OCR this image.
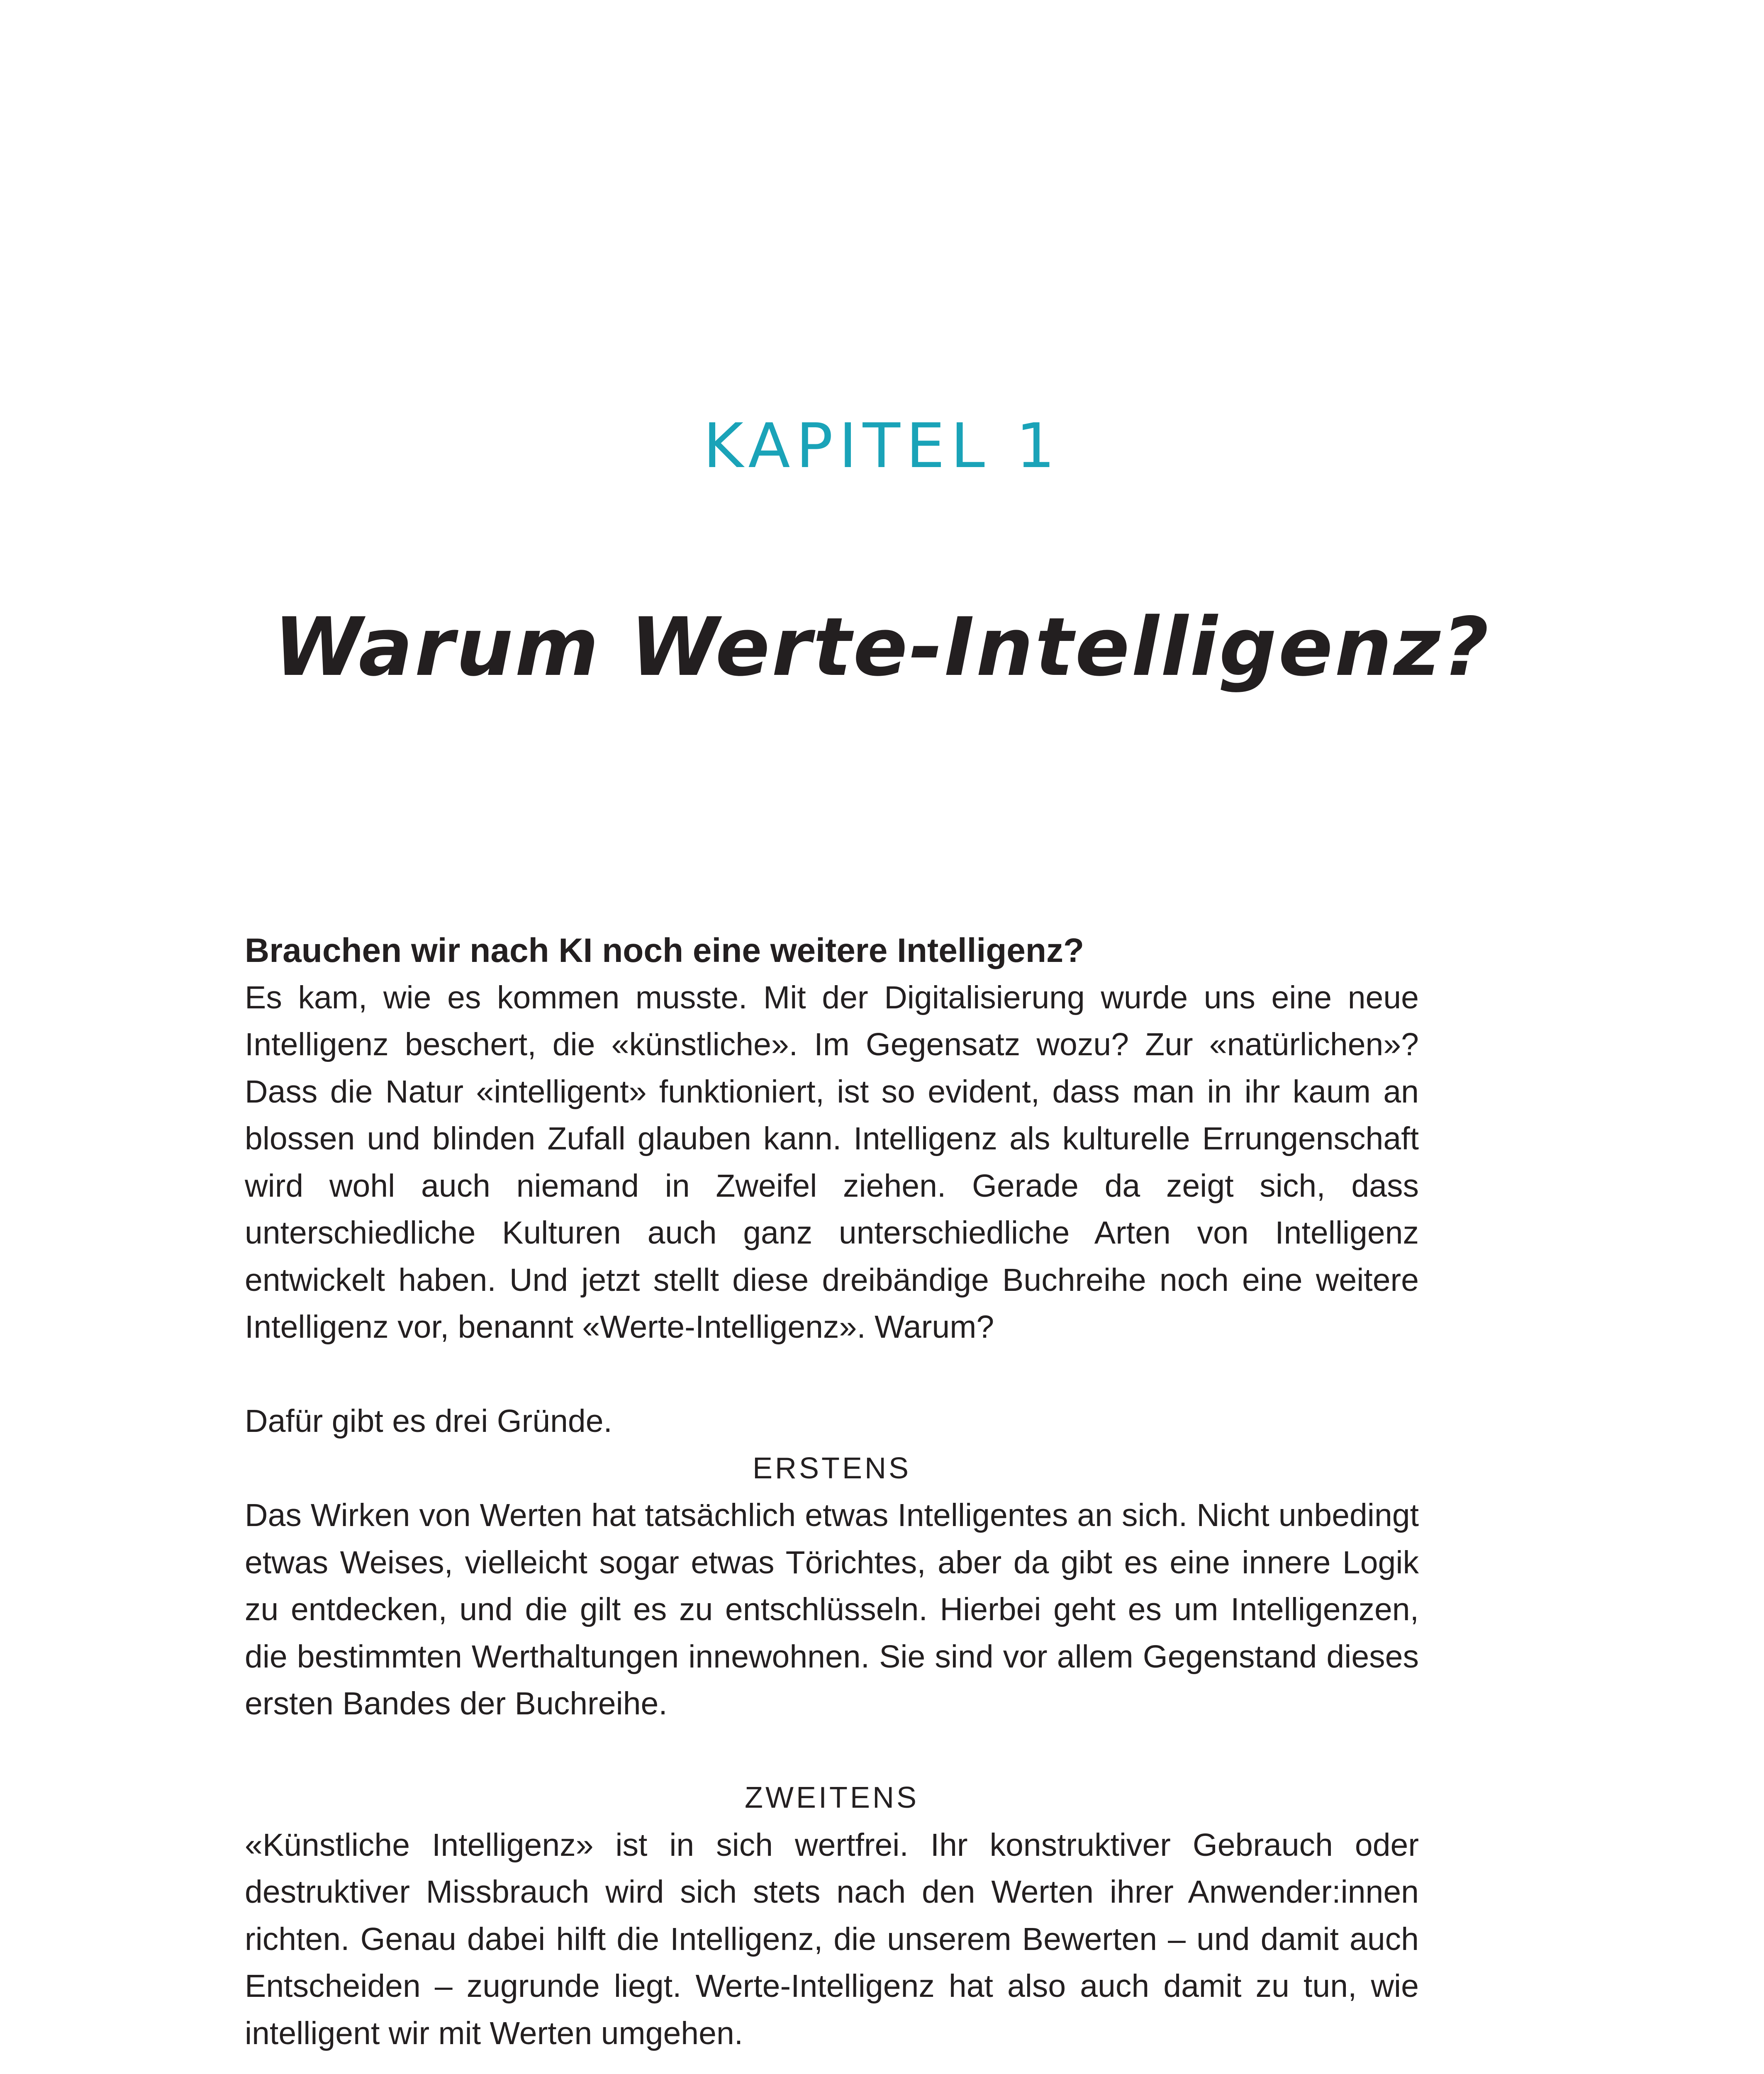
KAPITEL 1
Warum Werte-Intelligenz?
Brauchen wir nach KI noch eine weitere Intelligenz?

Es kam, wie es kommen musste. Mit der Digitalisierung wurde uns eine neue Intelligenz beschert, die «künstliche». Im Gegensatz wozu? Zur «natürlichen»? Dass die Natur «intelligent» funktioniert, ist so evident, dass man in ihr kaum an blossen und blinden Zufall glauben kann. Intelligenz als kulturelle Errungenschaft wird wohl auch niemand in Zweifel ziehen. Gerade da zeigt sich, dass unterschiedliche Kulturen auch ganz unterschiedliche Arten von Intelligenz entwickelt haben. Und jetzt stellt diese dreibändige Buchreihe noch eine weitere Intelligenz vor, benannt «Werte-Intelligenz». Warum?

Dafür gibt es drei Gründe.

ERSTENS

Das Wirken von Werten hat tatsächlich etwas Intelligentes an sich. Nicht unbedingt etwas Weises, vielleicht sogar etwas Törichtes, aber da gibt es eine innere Logik zu entdecken, und die gilt es zu entschlüsseln. Hierbei geht es um Intelligenzen, die bestimmten Werthaltungen innewohnen. Sie sind vor allem Gegenstand dieses ersten Bandes der Buchreihe.

ZWEITENS

«Künstliche Intelligenz» ist in sich wertfrei. Ihr konstruktiver Gebrauch oder destruktiver Missbrauch wird sich stets nach den Werten ihrer Anwender:innen richten. Genau dabei hilft die Intelligenz, die unserem Bewerten – und damit auch Entscheiden – zugrunde liegt. Werte-Intelligenz hat also auch damit zu tun, wie intelligent wir mit Werten umgehen.
